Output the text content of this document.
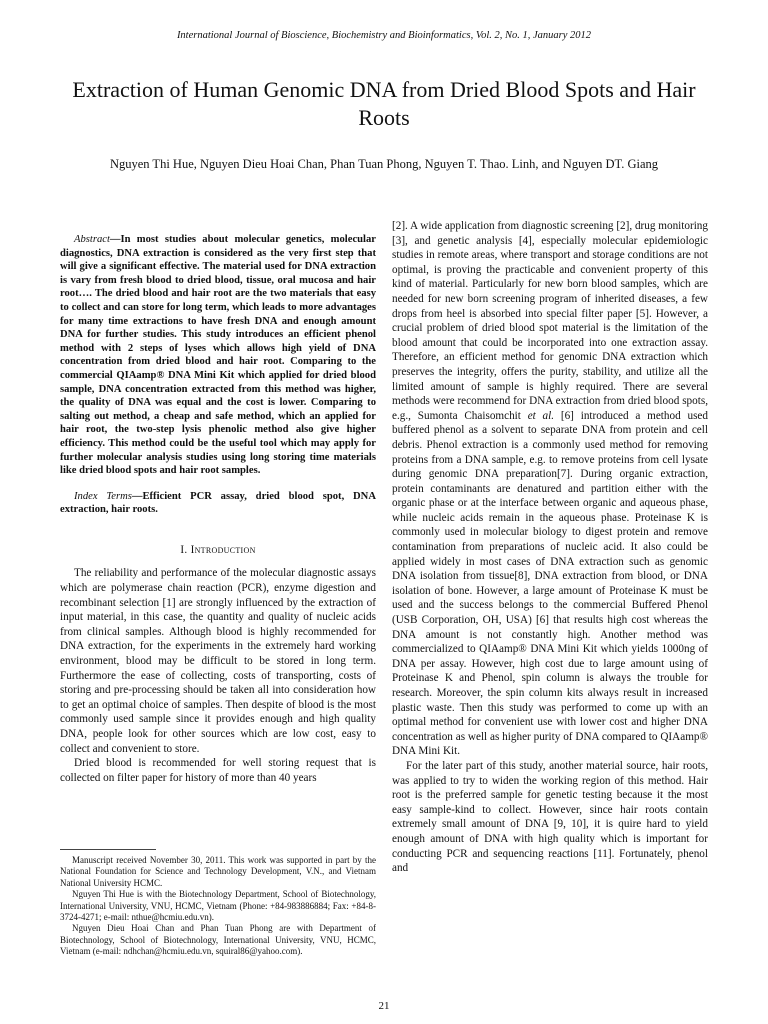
International Journal of Bioscience, Biochemistry and Bioinformatics, Vol. 2, No. 1, January 2012
Extraction of Human Genomic DNA from Dried Blood Spots and Hair Roots
Nguyen Thi Hue, Nguyen Dieu Hoai Chan, Phan Tuan Phong, Nguyen T. Thao. Linh, and Nguyen DT. Giang

Abstract—In most studies about molecular genetics, molecular diagnostics, DNA extraction is considered as the very first step that will give a significant effective. The material used for DNA extraction is vary from fresh blood to dried blood, tissue, oral mucosa and hair root…. The dried blood and hair root are the two materials that easy to collect and can store for long term, which leads to more advantages for many time extractions to have fresh DNA and enough amount DNA for further studies. This study introduces an efficient phenol method with 2 steps of lyses which allows high yield of DNA concentration from dried blood and hair root. Comparing to the commercial QIAamp® DNA Mini Kit which applied for dried blood sample, DNA concentration extracted from this method was higher, the quality of DNA was equal and the cost is lower. Comparing to salting out method, a cheap and safe method, which an applied for hair root, the two-step lysis phenolic method also give higher efficiency. This method could be the useful tool which may apply for further molecular analysis studies using long storing time materials like dried blood spots and hair root samples.

Index Terms—Efficient PCR assay, dried blood spot, DNA extraction, hair roots.

I. Introduction

The reliability and performance of the molecular diagnostic assays which are polymerase chain reaction (PCR), enzyme digestion and recombinant selection [1] are strongly influenced by the extraction of input material, in this case, the quantity and quality of nucleic acids from clinical samples. Although blood is highly recommended for DNA extraction, for the experiments in the extremely hard working environment, blood may be difficult to be stored in long term. Furthermore the ease of collecting, costs of transporting, costs of storing and pre-processing should be taken all into consideration how to get an optimal choice of samples. Then despite of blood is the most commonly used sample since it provides enough and high quality DNA, people look for other sources which are low cost, easy to collect and convenient to store.

Dried blood is recommended for well storing request that is collected on filter paper for history of more than 40 years

[2]. A wide application from diagnostic screening [2], drug monitoring [3], and genetic analysis [4], especially molecular epidemiologic studies in remote areas, where transport and storage conditions are not optimal, is proving the practicable and convenient property of this kind of material. Particularly for new born blood samples, which are needed for new born screening program of inherited diseases, a few drops from heel is absorbed into special filter paper [5]. However, a crucial problem of dried blood spot material is the limitation of the blood amount that could be incorporated into one extraction assay. Therefore, an efficient method for genomic DNA extraction which preserves the integrity, offers the purity, stability, and utilize all the limited amount of sample is highly required. There are several methods were recommend for DNA extraction from dried blood spots, e.g., Sumonta Chaisomchit et al. [6] introduced a method used buffered phenol as a solvent to separate DNA from protein and cell debris. Phenol extraction is a commonly used method for removing proteins from a DNA sample, e.g. to remove proteins from cell lysate during genomic DNA preparation[7]. During organic extraction, protein contaminants are denatured and partition either with the organic phase or at the interface between organic and aqueous phase, while nucleic acids remain in the aqueous phase. Proteinase K is commonly used in molecular biology to digest protein and remove contamination from preparations of nucleic acid. It also could be applied widely in most cases of DNA extraction such as genomic DNA isolation from tissue[8], DNA extraction from blood, or DNA isolation of bone. However, a large amount of Proteinase K must be used and the success belongs to the commercial Buffered Phenol (USB Corporation, OH, USA) [6] that results high cost whereas the DNA amount is not constantly high. Another method was commercialized to QIAamp® DNA Mini Kit which yields 1000ng of DNA per assay. However, high cost due to large amount using of Proteinase K and Phenol, spin column is always the trouble for research. Moreover, the spin column kits always result in increased plastic waste. Then this study was performed to come up with an optimal method for convenient use with lower cost and higher DNA concentration as well as higher purity of DNA compared to QIAamp® DNA Mini Kit.

For the later part of this study, another material source, hair roots, was applied to try to widen the working region of this method. Hair root is the preferred sample for genetic testing because it the most easy sample-kind to collect. However, since hair roots contain extremely small amount of DNA [9, 10], it is quire hard to yield enough amount of DNA with high quality which is important for conducting PCR and sequencing reactions [11]. Fortunately, phenol and

Manuscript received November 30, 2011. This work was supported in part by the National Foundation for Science and Technology Development, V.N., and Vietnam National University HCMC.

Nguyen Thi Hue is with the Biotechnology Department, School of Biotechnology, International University, VNU, HCMC, Vietnam (Phone: +84-983886884; Fax: +84-8-3724-4271; e-mail: nthue@hcmiu.edu.vn).

Nguyen Dieu Hoai Chan and Phan Tuan Phong are with Department of Biotechnology, School of Biotechnology, International University, VNU, HCMC, Vietnam (e-mail: ndhchan@hcmiu.edu.vn, squiral86@yahoo.com).

21
